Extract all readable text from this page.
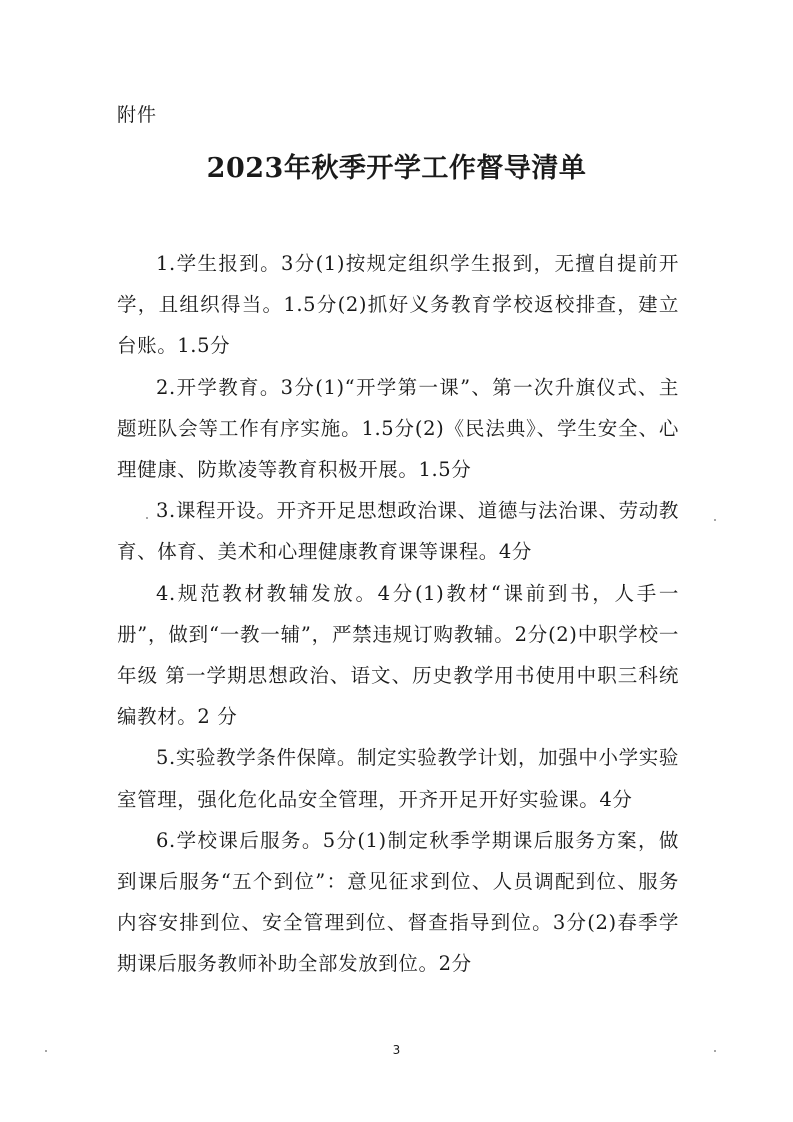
附件
2023年秋季开学工作督导清单

1.学生报到。3分(1)按规定组织学生报到，无擅自提前开学，且组织得当。1.5分(2)抓好义务教育学校返校排查，建立台账。1.5分

2.开学教育。3分(1)“开学第一课”、第一次升旗仪式、主题班队会等工作有序实施。1.5分(2)《民法典》、学生安全、心理健康、防欺凌等教育积极开展。1.5分

3.课程开设。开齐开足思想政治课、道德与法治课、劳动教育、体育、美术和心理健康教育课等课程。4分

4.规范教材教辅发放。4分(1)教材“课前到书，人手一册”，做到“一教一辅”，严禁违规订购教辅。2分(2)中职学校一年级 第一学期思想政治、语文、历史教学用书使用中职三科统编教材。2 分

5.实验教学条件保障。制定实验教学计划，加强中小学实验室管理，强化危化品安全管理，开齐开足开好实验课。4分

6.学校课后服务。5分(1)制定秋季学期课后服务方案，做到课后服务“五个到位”：意见征求到位、人员调配到位、服务内容安排到位、安全管理到位、督查指导到位。3分(2)春季学期课后服务教师补助全部发放到位。2分

3
